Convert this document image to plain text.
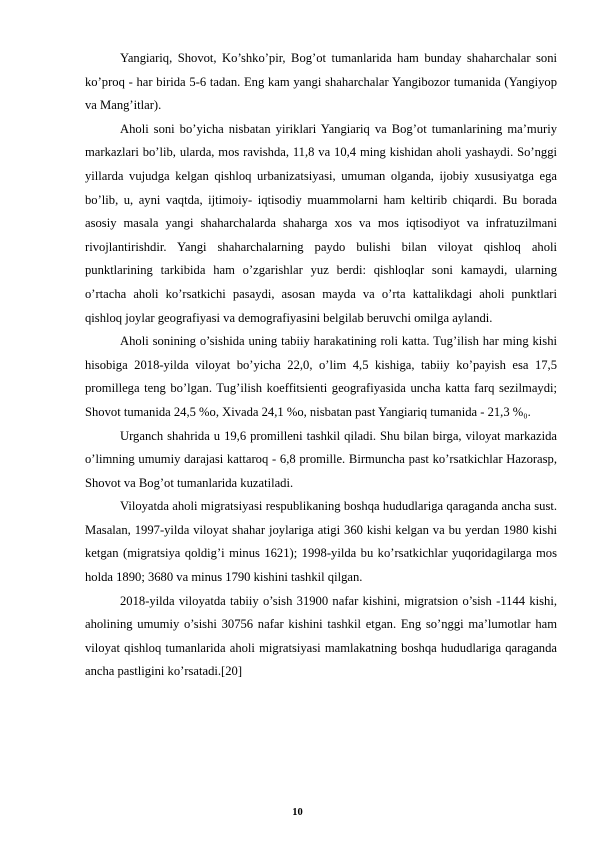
Yangiariq, Shovot, Ko’shko’pir, Bog’ot tumanlarida ham bunday shaharchalar soni ko’proq - har birida 5-6 tadan. Eng kam yangi shaharchalar Yangibozor tumanida (Yangiyop va Mang’itlar).

Aholi soni bo’yicha nisbatan yiriklari Yangiariq va Bog’ot tumanlarining ma’muriy markazlari bo’lib, ularda, mos ravishda, 11,8 va 10,4 ming kishidan aholi yashaydi. So’nggi yillarda vujudga kelgan qishloq urbanizatsiyasi, umuman olganda, ijobiy xususiyatga ega bo’lib, u, ayni vaqtda, ijtimoiy- iqtisodiy muammolarni ham keltirib chiqardi. Bu borada asosiy masala yangi shaharchalarda shaharga xos va mos iqtisodiyot va infratuzilmani rivojlantirishdir. Yangi shaharchalarning paydo bulishi bilan viloyat qishloq aholi punktlarining tarkibida ham o’zgarishlar yuz berdi: qishloqlar soni kamaydi, ularning o’rtacha aholi ko’rsatkichi pasaydi, asosan mayda va o’rta kattalikdagi aholi punktlari qishloq joylar geografiyasi va demografiyasini belgilab beruvchi omilga aylandi.

Aholi sonining o’sishida uning tabiiy harakatining roli katta. Tug’ilish har ming kishi hisobiga 2018-yilda viloyat bo’yicha 22,0, o’lim 4,5 kishiga, tabiiy ko’payish esa 17,5 promillega teng bo’lgan. Tug’ilish koeffitsienti geografiyasida uncha katta farq sezilmaydi; Shovot tumanida 24,5 %o, Xivada 24,1 %o, nisbatan past Yangiariq tumanida - 21,3 %₀.

Urganch shahrida u 19,6 promilleni tashkil qiladi. Shu bilan birga, viloyat markazida o’limning umumiy darajasi kattaroq - 6,8 promille. Birmuncha past ko’rsatkichlar Hazorasp, Shovot va Bog’ot tumanlarida kuzatiladi.

Viloyatda aholi migratsiyasi respublikaning boshqa hududlariga qaraganda ancha sust. Masalan, 1997-yilda viloyat shahar joylariga atigi 360 kishi kelgan va bu yerdan 1980 kishi ketgan (migratsiya qoldig’i minus 1621); 1998-yilda bu ko’rsatkichlar yuqoridagilarga mos holda 1890; 3680 va minus 1790 kishini tashkil qilgan.

2018-yilda viloyatda tabiiy o’sish 31900 nafar kishini, migratsion o’sish -1144 kishi, aholining umumiy o’sishi 30756 nafar kishini tashkil etgan. Eng so’nggi ma’lumotlar ham viloyat qishloq tumanlarida aholi migratsiyasi mamlakatning boshqa hududlariga qaraganda ancha pastligini ko’rsatadi.[20]

10
